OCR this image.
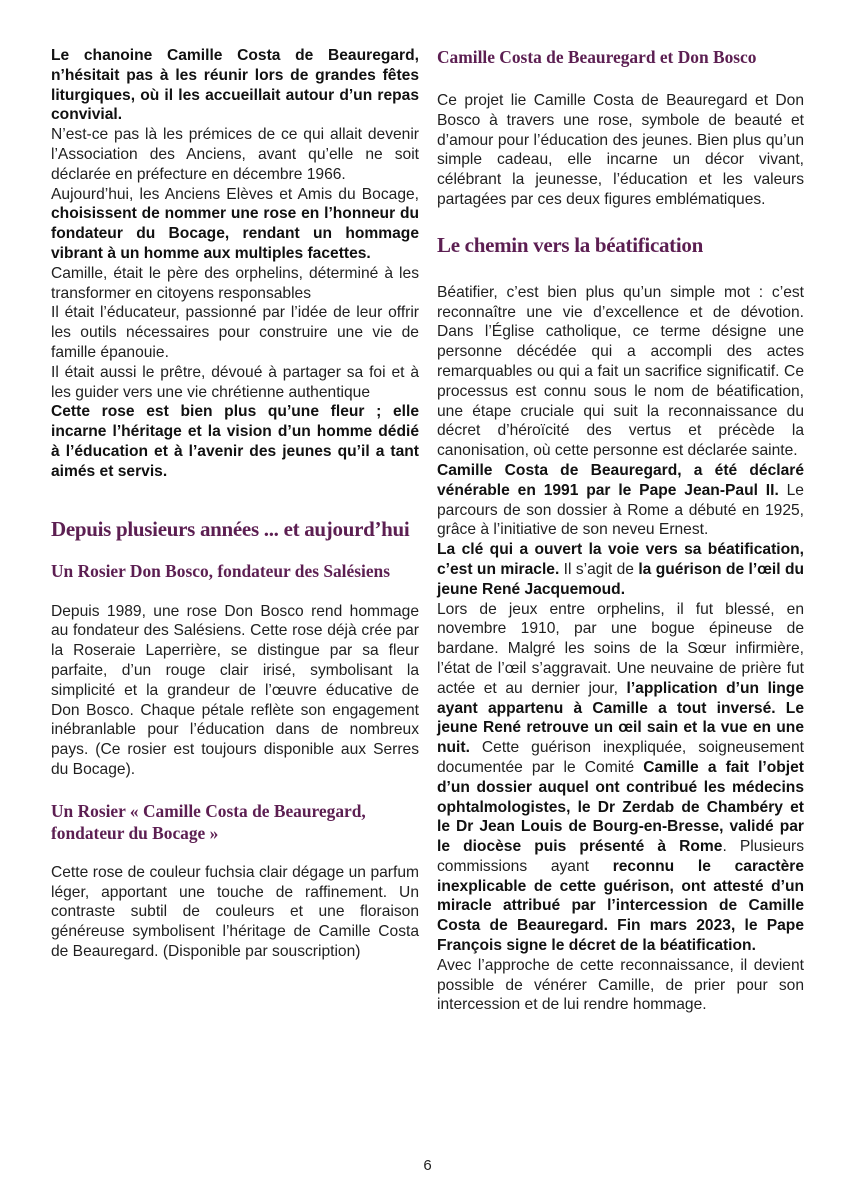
Le chanoine Camille Costa de Beauregard, n’hésitait pas à les réunir lors de grandes fêtes liturgiques, où il les accueillait autour d’un repas convivial.

N’est-ce pas là les prémices de ce qui allait devenir l’Association des Anciens, avant qu’elle ne soit déclarée en préfecture en décembre 1966.

Aujourd’hui, les Anciens Elèves et Amis du Bocage, choisissent de nommer une rose en l’honneur du fondateur du Bocage, rendant un hommage vibrant à un homme aux multiples facettes.

Camille, était le père des orphelins, déterminé à les transformer en citoyens responsables

Il était l’éducateur, passionné par l’idée de leur offrir les outils nécessaires pour construire une vie de famille épanouie.

Il était aussi le prêtre, dévoué à partager sa foi et à les guider vers une vie chrétienne authentique

Cette rose est bien plus qu’une fleur ; elle incarne l’héritage et la vision d’un homme dédié à l’éducation et à l’avenir des jeunes qu’il a tant aimés et servis.

Depuis plusieurs années ... et aujourd’hui
Un Rosier Don Bosco, fondateur des Salésiens

Depuis 1989, une rose Don Bosco rend hommage au fondateur des Salésiens. Cette rose déjà crée par la Roseraie Laperrière, se distingue par sa fleur parfaite, d’un rouge clair irisé, symbolisant la simplicité et la grandeur de l’œuvre éducative de Don Bosco. Chaque pétale reflète son engagement inébranlable pour l’éducation dans de nombreux pays. (Ce rosier est toujours disponible aux Serres du Bocage).

Un Rosier « Camille Costa de Beauregard, fondateur du Bocage »

Cette rose de couleur fuchsia clair dégage un parfum léger, apportant une touche de raffinement. Un contraste subtil de couleurs et une floraison généreuse symbolisent l’héritage de Camille Costa de Beauregard. (Disponible par souscription)

Camille Costa de Beauregard et Don Bosco

Ce projet lie Camille Costa de Beauregard et Don Bosco à travers une rose, symbole de beauté et d’amour pour l’éducation des jeunes. Bien plus qu’un simple cadeau, elle incarne un décor vivant, célébrant la jeunesse, l’éducation et les valeurs partagées par ces deux figures emblématiques.

Le chemin vers la béatification

Béatifier, c’est bien plus qu’un simple mot : c’est reconnaître une vie d’excellence et de dévotion. Dans l’Église catholique, ce terme désigne une personne décédée qui a accompli des actes remarquables ou qui a fait un sacrifice significatif. Ce processus est connu sous le nom de béatification, une étape cruciale qui suit la reconnaissance du décret d’héroïcité des vertus et précède la canonisation, où cette personne est déclarée sainte.

Camille Costa de Beauregard, a été déclaré vénérable en 1991 par le Pape Jean-Paul II. Le parcours de son dossier à Rome a débuté en 1925, grâce à l’initiative de son neveu Ernest.

La clé qui a ouvert la voie vers sa béatification, c’est un miracle. Il s’agit de la guérison de l’œil du jeune René Jacquemoud.

Lors de jeux entre orphelins, il fut blessé, en novembre 1910, par une bogue épineuse de bardane. Malgré les soins de la Sœur infirmière, l’état de l’œil s’aggravait. Une neuvaine de prière fut actée et au dernier jour, l’application d’un linge ayant appartenu à Camille a tout inversé. Le jeune René retrouve un œil sain et la vue en une nuit. Cette guérison inexpliquée, soigneusement documentée par le Comité Camille a fait l’objet d’un dossier auquel ont contribué les médecins ophtalmologistes, le Dr Zerdab de Chambéry et le Dr Jean Louis de Bourg-en-Bresse, validé par le diocèse puis présenté à Rome. Plusieurs commissions ayant reconnu le caractère inexplicable de cette guérison, ont attesté d’un miracle attribué par l’intercession de Camille Costa de Beauregard. Fin mars 2023, le Pape François signe le décret de la béatification.

Avec l’approche de cette reconnaissance, il devient possible de vénérer Camille, de prier pour son intercession et de lui rendre hommage.

6
